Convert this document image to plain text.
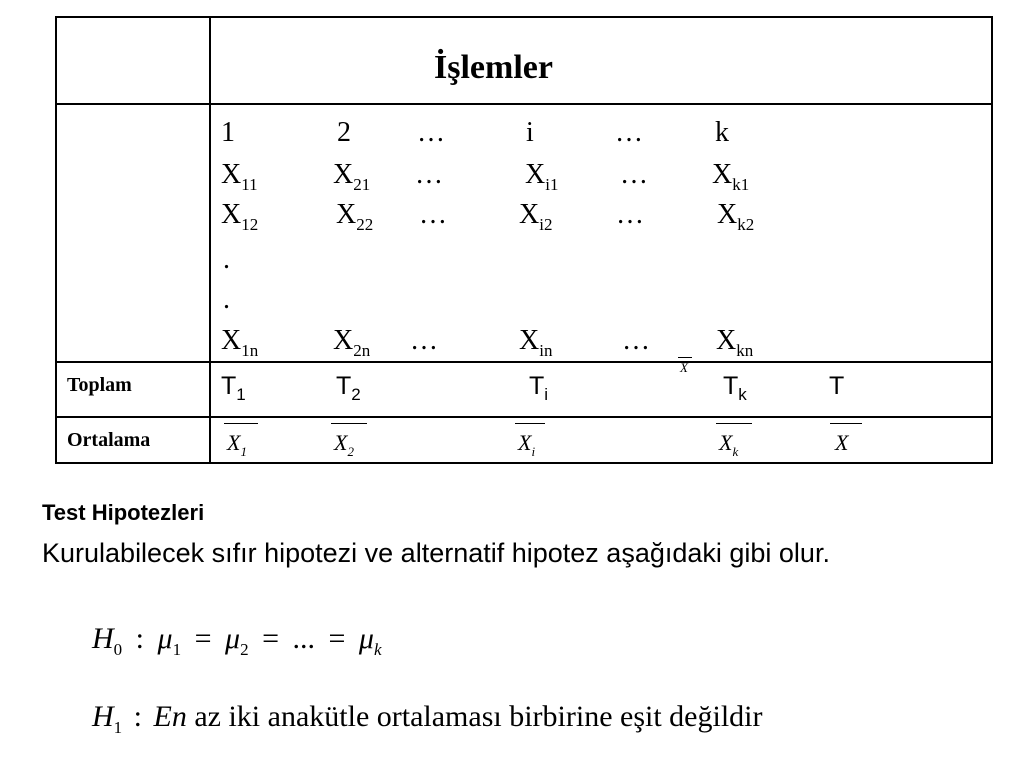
İşlemler
1	2 …	i	…	k
$X_{11}$	$X_{21}$ …	$X_{i1}$ … $X_{k1}$
$X_{12}$	$X_{22}$ …	$X_{i2}$ …	$X_{k2}$
.
.
$X_{1n}$	$X_{2n}$ …	$X_{in}$ … $X_{kn}$
X
Toplam	$T_1$	$T_2$	$T_i$	$T_k$	T
Ortalama	$X_1$	$X_2$	$X_i$	$X_k$	X
Test Hipotezleri
Kurulabilecek sıfır hipotezi ve alternatif hipotez aşağıdaki gibi olur.
$H_0$ : $\mu_1 = \mu_2$ = ... = $\mu_k$
$H_1$ : En az iki anakütle ortalaması birbirine eşit değildir
